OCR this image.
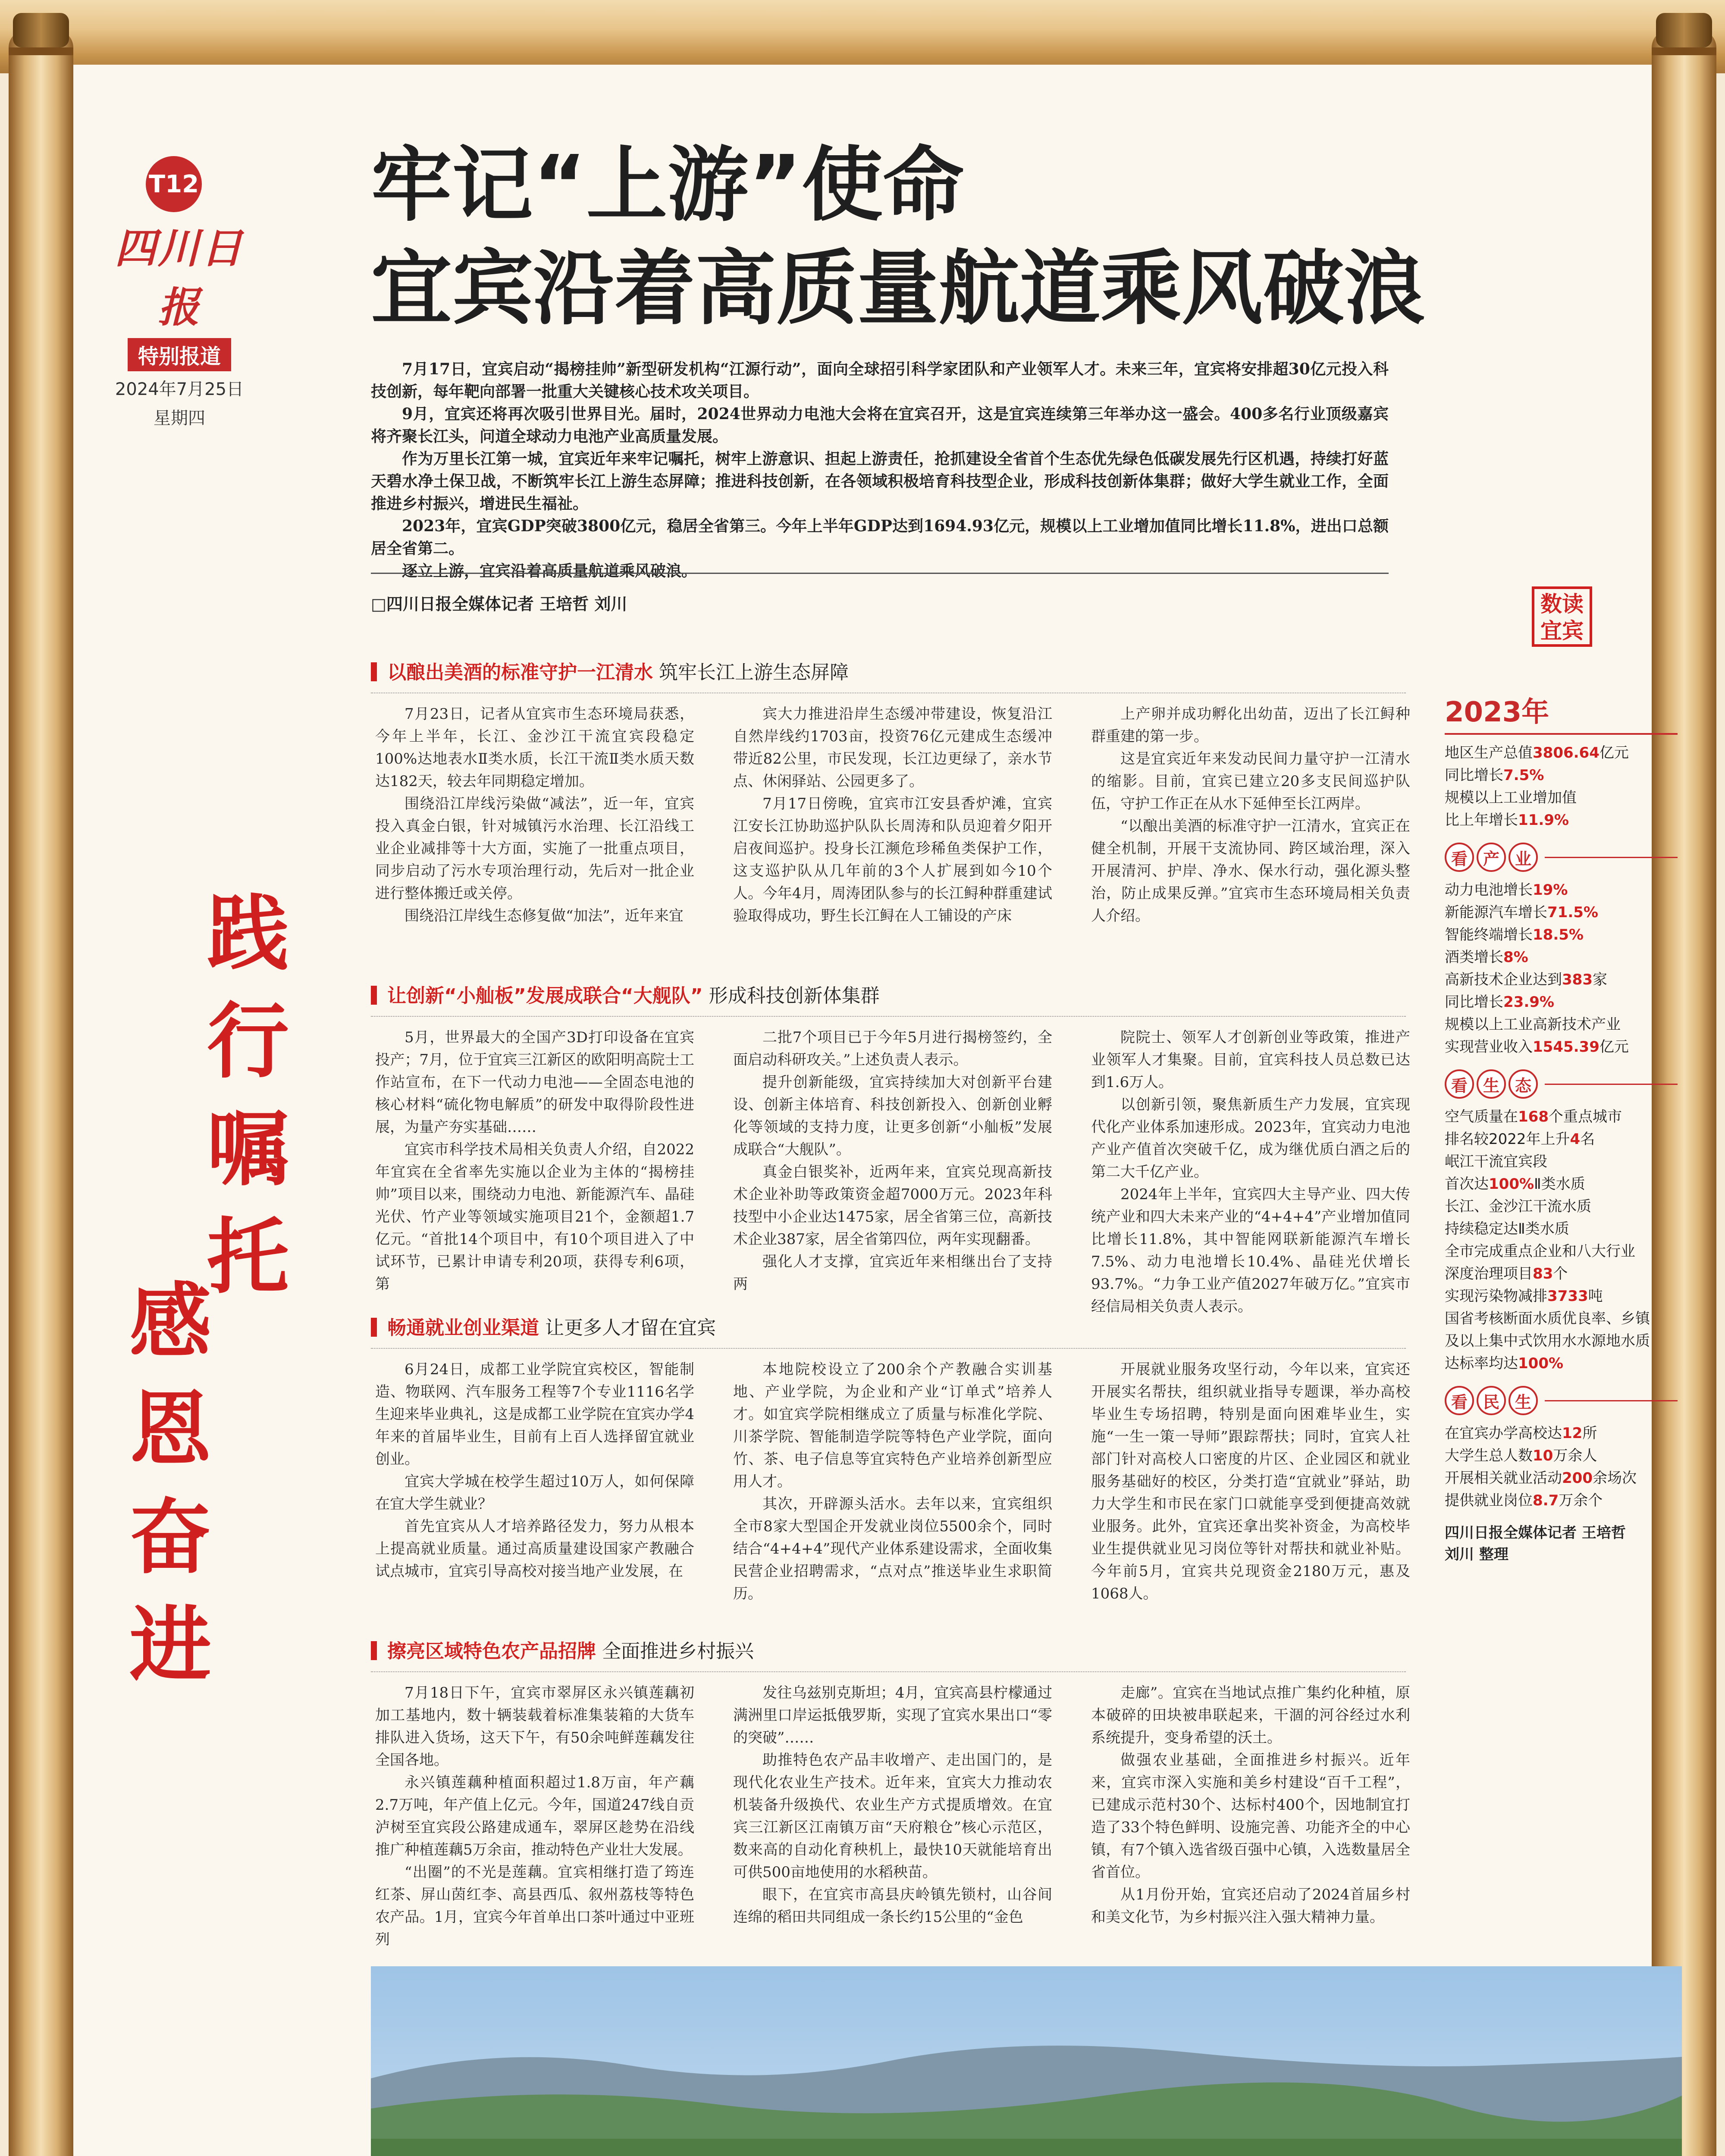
T12
四川日报
特别报道
2024年7月25日
星期四
践
行
嘱
托
感
恩
奋
进
牢记“上游”使命
宜宾沿着高质量航道乘风破浪

7月17日，宜宾启动“揭榜挂帅”新型研发机构“江源行动”，面向全球招引科学家团队和产业领军人才。未来三年，宜宾将安排超30亿元投入科技创新，每年靶向部署一批重大关键核心技术攻关项目。

9月，宜宾还将再次吸引世界目光。届时，2024世界动力电池大会将在宜宾召开，这是宜宾连续第三年举办这一盛会。400多名行业顶级嘉宾将齐聚长江头，问道全球动力电池产业高质量发展。

作为万里长江第一城，宜宾近年来牢记嘱托，树牢上游意识、担起上游责任，抢抓建设全省首个生态优先绿色低碳发展先行区机遇，持续打好蓝天碧水净土保卫战，不断筑牢长江上游生态屏障；推进科技创新，在各领域积极培育科技型企业，形成科技创新体集群；做好大学生就业工作，全面推进乡村振兴，增进民生福祉。

2023年，宜宾GDP突破3800亿元，稳居全省第三。今年上半年GDP达到1694.93亿元，规模以上工业增加值同比增长11.8%，进出口总额居全省第二。

逐立上游，宜宾沿着高质量航道乘风破浪。

□四川日报全媒体记者 王培哲 刘川	数读
宜宾
以酿出美酒的标准守护一江清水 筑牢长江上游生态屏障

7月23日，记者从宜宾市生态环境局获悉，今年上半年，长江、金沙江干流宜宾段稳定100%达地表水Ⅱ类水质，长江干流Ⅱ类水质天数达182天，较去年同期稳定增加。

围绕沿江岸线污染做“减法”，近一年，宜宾投入真金白银，针对城镇污水治理、长江沿线工业企业减排等十大方面，实施了一批重点项目，同步启动了污水专项治理行动，先后对一批企业进行整体搬迁或关停。

围绕沿江岸线生态修复做“加法”，近年来宜

宾大力推进沿岸生态缓冲带建设，恢复沿江自然岸线约1703亩，投资76亿元建成生态缓冲带近82公里，市民发现，长江边更绿了，亲水节点、休闲驿站、公园更多了。

7月17日傍晚，宜宾市江安县香炉滩，宜宾江安长江协助巡护队队长周涛和队员迎着夕阳开启夜间巡护。投身长江濒危珍稀鱼类保护工作，这支巡护队从几年前的3个人扩展到如今10个人。今年4月，周涛团队参与的长江鲟种群重建试验取得成功，野生长江鲟在人工铺设的产床

上产卵并成功孵化出幼苗，迈出了长江鲟种群重建的第一步。

这是宜宾近年来发动民间力量守护一江清水的缩影。目前，宜宾已建立20多支民间巡护队伍，守护工作正在从水下延伸至长江两岸。

“以酿出美酒的标准守护一江清水，宜宾正在健全机制，开展干支流协同、跨区域治理，深入开展清河、护岸、净水、保水行动，强化源头整治，防止成果反弹。”宜宾市生态环境局相关负责人介绍。

让创新“小舢板”发展成联合“大舰队” 形成科技创新体集群

5月，世界最大的全国产3D打印设备在宜宾投产；7月，位于宜宾三江新区的欧阳明高院士工作站宣布，在下一代动力电池——全固态电池的核心材料“硫化物电解质”的研发中取得阶段性进展，为量产夯实基础……

宜宾市科学技术局相关负责人介绍，自2022年宜宾在全省率先实施以企业为主体的“揭榜挂帅”项目以来，围绕动力电池、新能源汽车、晶硅光伏、竹产业等领域实施项目21个，金额超1.7亿元。“首批14个项目中，有10个项目进入了中试环节，已累计申请专利20项，获得专利6项，第

二批7个项目已于今年5月进行揭榜签约，全面启动科研攻关。”上述负责人表示。

提升创新能级，宜宾持续加大对创新平台建设、创新主体培育、科技创新投入、创新创业孵化等领域的支持力度，让更多创新“小舢板”发展成联合“大舰队”。

真金白银奖补，近两年来，宜宾兑现高新技术企业补助等政策资金超7000万元。2023年科技型中小企业达1475家，居全省第三位，高新技术企业387家，居全省第四位，两年实现翻番。

强化人才支撑，宜宾近年来相继出台了支持两

院院士、领军人才创新创业等政策，推进产业领军人才集聚。目前，宜宾科技人员总数已达到1.6万人。

以创新引领，聚焦新质生产力发展，宜宾现代化产业体系加速形成。2023年，宜宾动力电池产业产值首次突破千亿，成为继优质白酒之后的第二大千亿产业。

2024年上半年，宜宾四大主导产业、四大传统产业和四大未来产业的“4+4+4”产业增加值同比增长11.8%，其中智能网联新能源汽车增长7.5%、动力电池增长10.4%、晶硅光伏增长93.7%。“力争工业产值2027年破万亿。”宜宾市经信局相关负责人表示。

畅通就业创业渠道 让更多人才留在宜宾

6月24日，成都工业学院宜宾校区，智能制造、物联网、汽车服务工程等7个专业1116名学生迎来毕业典礼，这是成都工业学院在宜宾办学4年来的首届毕业生，目前有上百人选择留宜就业创业。

宜宾大学城在校学生超过10万人，如何保障在宜大学生就业？

首先宜宾从人才培养路径发力，努力从根本上提高就业质量。通过高质量建设国家产教融合试点城市，宜宾引导高校对接当地产业发展，在

本地院校设立了200余个产教融合实训基地、产业学院，为企业和产业“订单式”培养人才。如宜宾学院相继成立了质量与标准化学院、川茶学院、智能制造学院等特色产业学院，面向竹、茶、电子信息等宜宾特色产业培养创新型应用人才。

其次，开辟源头活水。去年以来，宜宾组织全市8家大型国企开发就业岗位5500余个，同时结合“4+4+4”现代产业体系建设需求，全面收集民营企业招聘需求，“点对点”推送毕业生求职简历。

开展就业服务攻坚行动，今年以来，宜宾还开展实名帮扶，组织就业指导专题课，举办高校毕业生专场招聘，特别是面向困难毕业生，实施“一生一策一导师”跟踪帮扶；同时，宜宾人社部门针对高校人口密度的片区、企业园区和就业服务基础好的校区，分类打造“宜就业”驿站，助力大学生和市民在家门口就能享受到便捷高效就业服务。此外，宜宾还拿出奖补资金，为高校毕业生提供就业见习岗位等针对帮扶和就业补贴。今年前5月，宜宾共兑现资金2180万元，惠及1068人。

擦亮区域特色农产品招牌 全面推进乡村振兴

7月18日下午，宜宾市翠屏区永兴镇莲藕初加工基地内，数十辆装载着标准集装箱的大货车排队进入货场，这天下午，有50余吨鲜莲藕发往全国各地。

永兴镇莲藕种植面积超过1.8万亩，年产藕2.7万吨，年产值上亿元。今年，国道247线自贡泸树至宜宾段公路建成通车，翠屏区趁势在沿线推广种植莲藕5万余亩，推动特色产业壮大发展。

“出圈”的不光是莲藕。宜宾相继打造了筠连红茶、屏山茵红李、高县西瓜、叙州荔枝等特色农产品。1月，宜宾今年首单出口茶叶通过中亚班列

发往乌兹别克斯坦；4月，宜宾高县柠檬通过满洲里口岸运抵俄罗斯，实现了宜宾水果出口“零的突破”……

助推特色农产品丰收增产、走出国门的，是现代化农业生产技术。近年来，宜宾大力推动农机装备升级换代、农业生产方式提质增效。在宜宾三江新区江南镇万亩“天府粮仓”核心示范区，数来高的自动化育秧机上，最快10天就能培育出可供500亩地使用的水稻秧苗。

眼下，在宜宾市高县庆岭镇先锁村，山谷间连绵的稻田共同组成一条长约15公里的“金色

走廊”。宜宾在当地试点推广集约化种植，原本破碎的田块被串联起来，干涸的河谷经过水利系统提升，变身希望的沃土。

做强农业基础，全面推进乡村振兴。近年来，宜宾市深入实施和美乡村建设“百千工程”，已建成示范村30个、达标村400个，因地制宜打造了33个特色鲜明、设施完善、功能齐全的中心镇，有7个镇入选省级百强中心镇，入选数量居全省首位。

从1月份开始，宜宾还启动了2024首届乡村和美文化节，为乡村振兴注入强大精神力量。

2023年
地区生产总值3806.64亿元
同比增长7.5%
规模以上工业增加值
比上年增长11.9%
看 产 业
动力电池增长19%
新能源汽车增长71.5%
智能终端增长18.5%
酒类增长8%
高新技术企业达到383家
同比增长23.9%
规模以上工业高新技术产业
实现营业收入1545.39亿元
看 生 态
空气质量在168个重点城市
排名较2022年上升4名
岷江干流宜宾段
首次达100%Ⅱ类水质
长江、金沙江干流水质
持续稳定达Ⅱ类水质
全市完成重点企业和八大行业
深度治理项目83个
实现污染物减排3733吨
国省考核断面水质优良率、乡镇
及以上集中式饮用水水源地水质
达标率均达100%
看 民 生
在宜宾办学高校达12所
大学生总人数10万余人
开展相关就业活动200余场次
提供就业岗位8.7万余个
四川日报全媒体记者 王培哲
刘川 整理
